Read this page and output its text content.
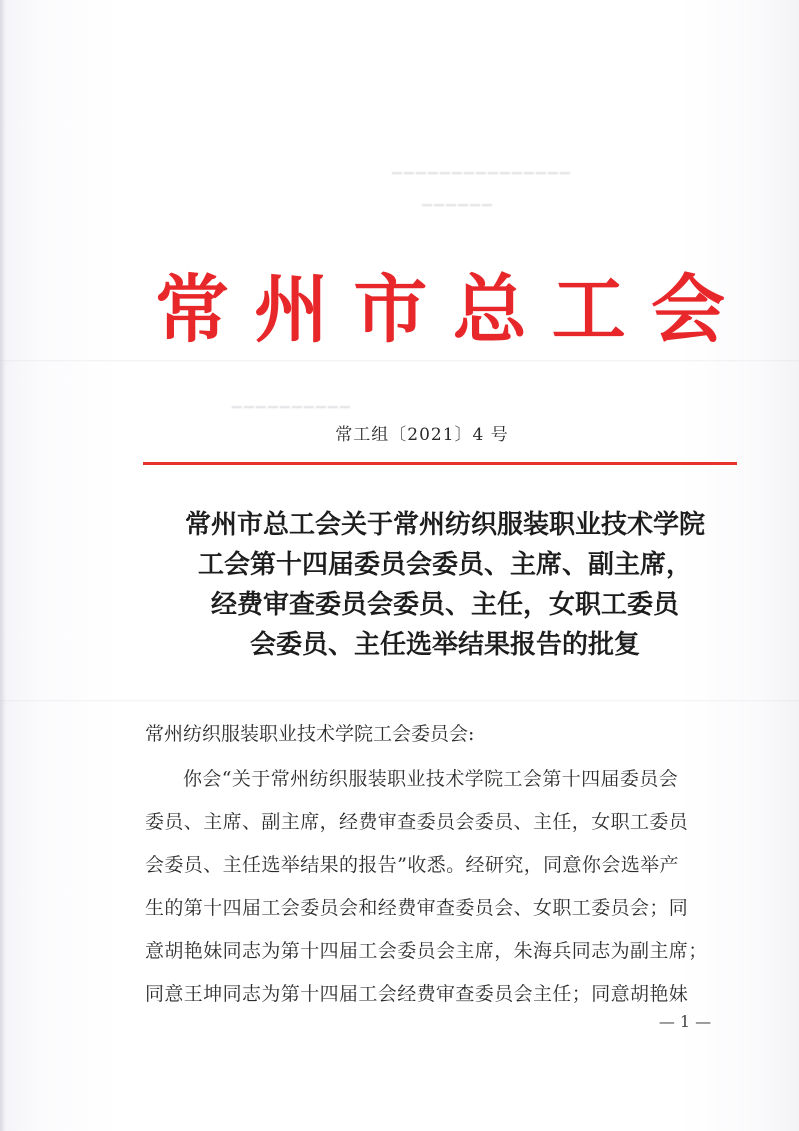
▁▁▁▁▁▁▁▁▁▁▁▁▁▁▁
▁▁▁▁▁▁
▁▁▁▁▁▁▁▁▁▁
常 州 市 总 工 会
常工组〔2021〕4 号
常州市总工会关于常州纺织服装职业技术学院
工会第十四届委员会委员、主席、副主席，
经费审查委员会委员、主任，女职工委员
会委员、主任选举结果报告的批复
常州纺织服装职业技术学院工会委员会:
你会“关于常州纺织服装职业技术学院工会第十四届委员会
委员、主席、副主席，经费审查委员会委员、主任，女职工委员
会委员、主任选举结果的报告”收悉。经研究，同意你会选举产
生的第十四届工会委员会和经费审查委员会、女职工委员会；同
意胡艳妹同志为第十四届工会委员会主席，朱海兵同志为副主席；
同意王坤同志为第十四届工会经费审查委员会主任；同意胡艳妹
— 1 —
